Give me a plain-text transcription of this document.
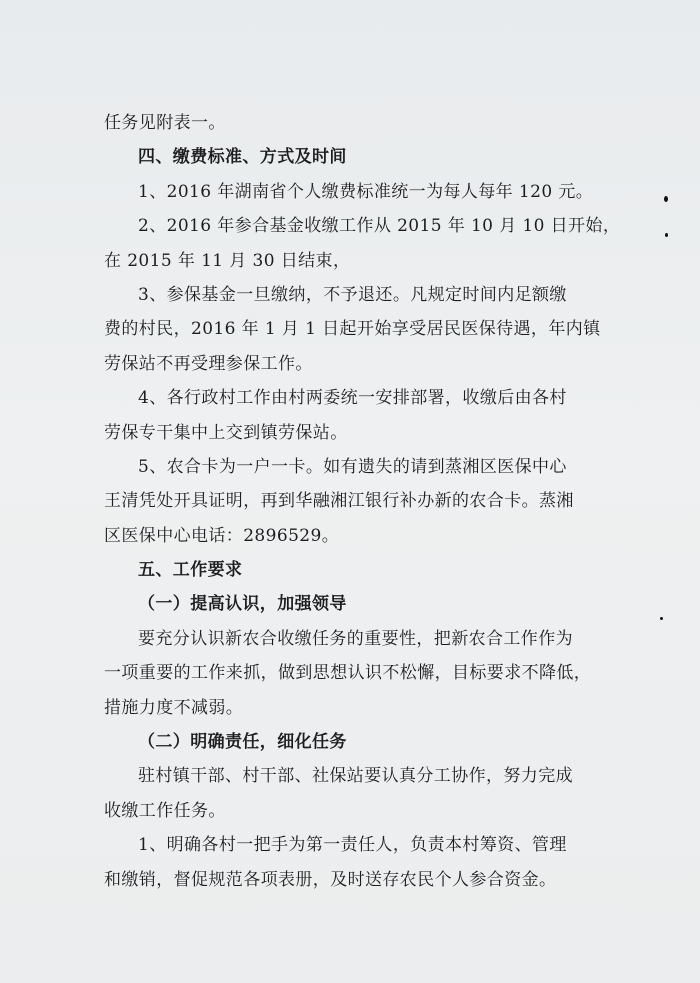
任务见附表一。
四、缴费标准、方式及时间
1、2016 年湖南省个人缴费标准统一为每人每年 120 元。
2、2016 年参合基金收缴工作从 2015 年 10 月 10 日开始，
在 2015 年 11 月 30 日结束，
3、参保基金一旦缴纳，不予退还。凡规定时间内足额缴
费的村民，2016 年 1 月 1 日起开始享受居民医保待遇，年内镇
劳保站不再受理参保工作。
4、各行政村工作由村两委统一安排部署，收缴后由各村
劳保专干集中上交到镇劳保站。
5、农合卡为一户一卡。如有遗失的请到蒸湘区医保中心
王清凭处开具证明，再到华融湘江银行补办新的农合卡。蒸湘
区医保中心电话：2896529。
五、工作要求
（一）提高认识，加强领导
要充分认识新农合收缴任务的重要性，把新农合工作作为
一项重要的工作来抓，做到思想认识不松懈，目标要求不降低，
措施力度不减弱。
（二）明确责任，细化任务
驻村镇干部、村干部、社保站要认真分工协作，努力完成
收缴工作任务。
1、明确各村一把手为第一责任人，负责本村筹资、管理
和缴销，督促规范各项表册，及时送存农民个人参合资金。
